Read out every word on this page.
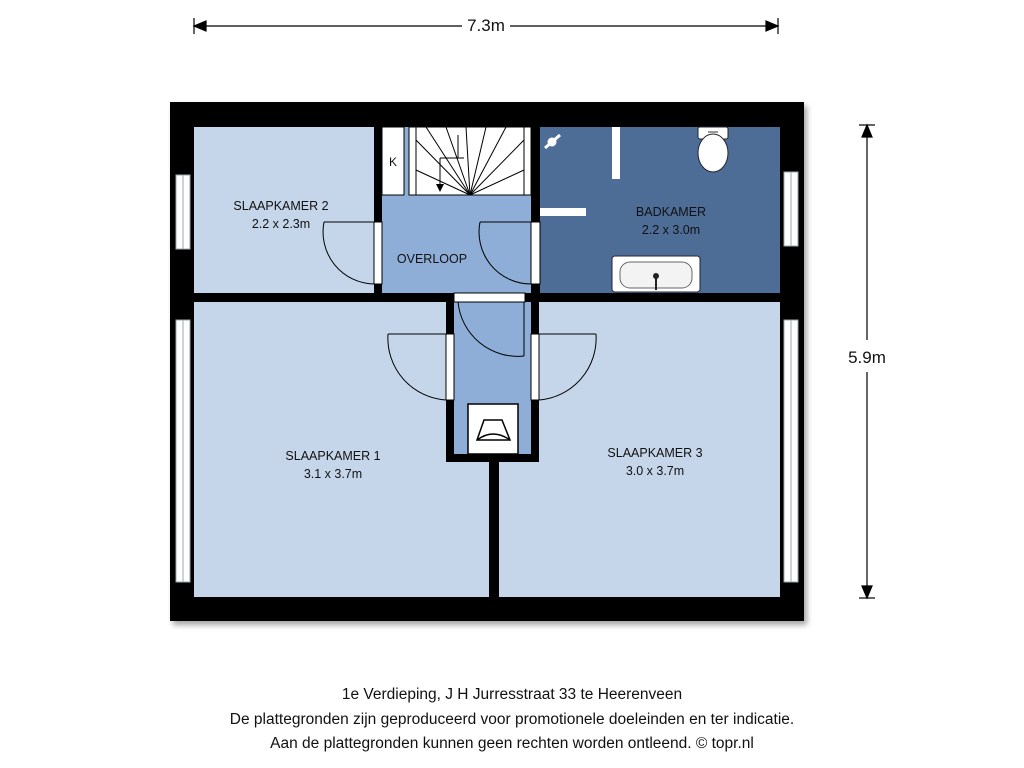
7.3m
5.9m
K
SLAAPKAMER 2
2.2 x 2.3m
OVERLOOP
BADKAMER
2.2 x 3.0m
SLAAPKAMER 1
3.1 x 3.7m
SLAAPKAMER 3
3.0 x 3.7m
1e Verdieping, J H Jurresstraat 33 te Heerenveen
De plattegronden zijn geproduceerd voor promotionele doeleinden en ter indicatie.
Aan de plattegronden kunnen geen rechten worden ontleend. © topr.nl
